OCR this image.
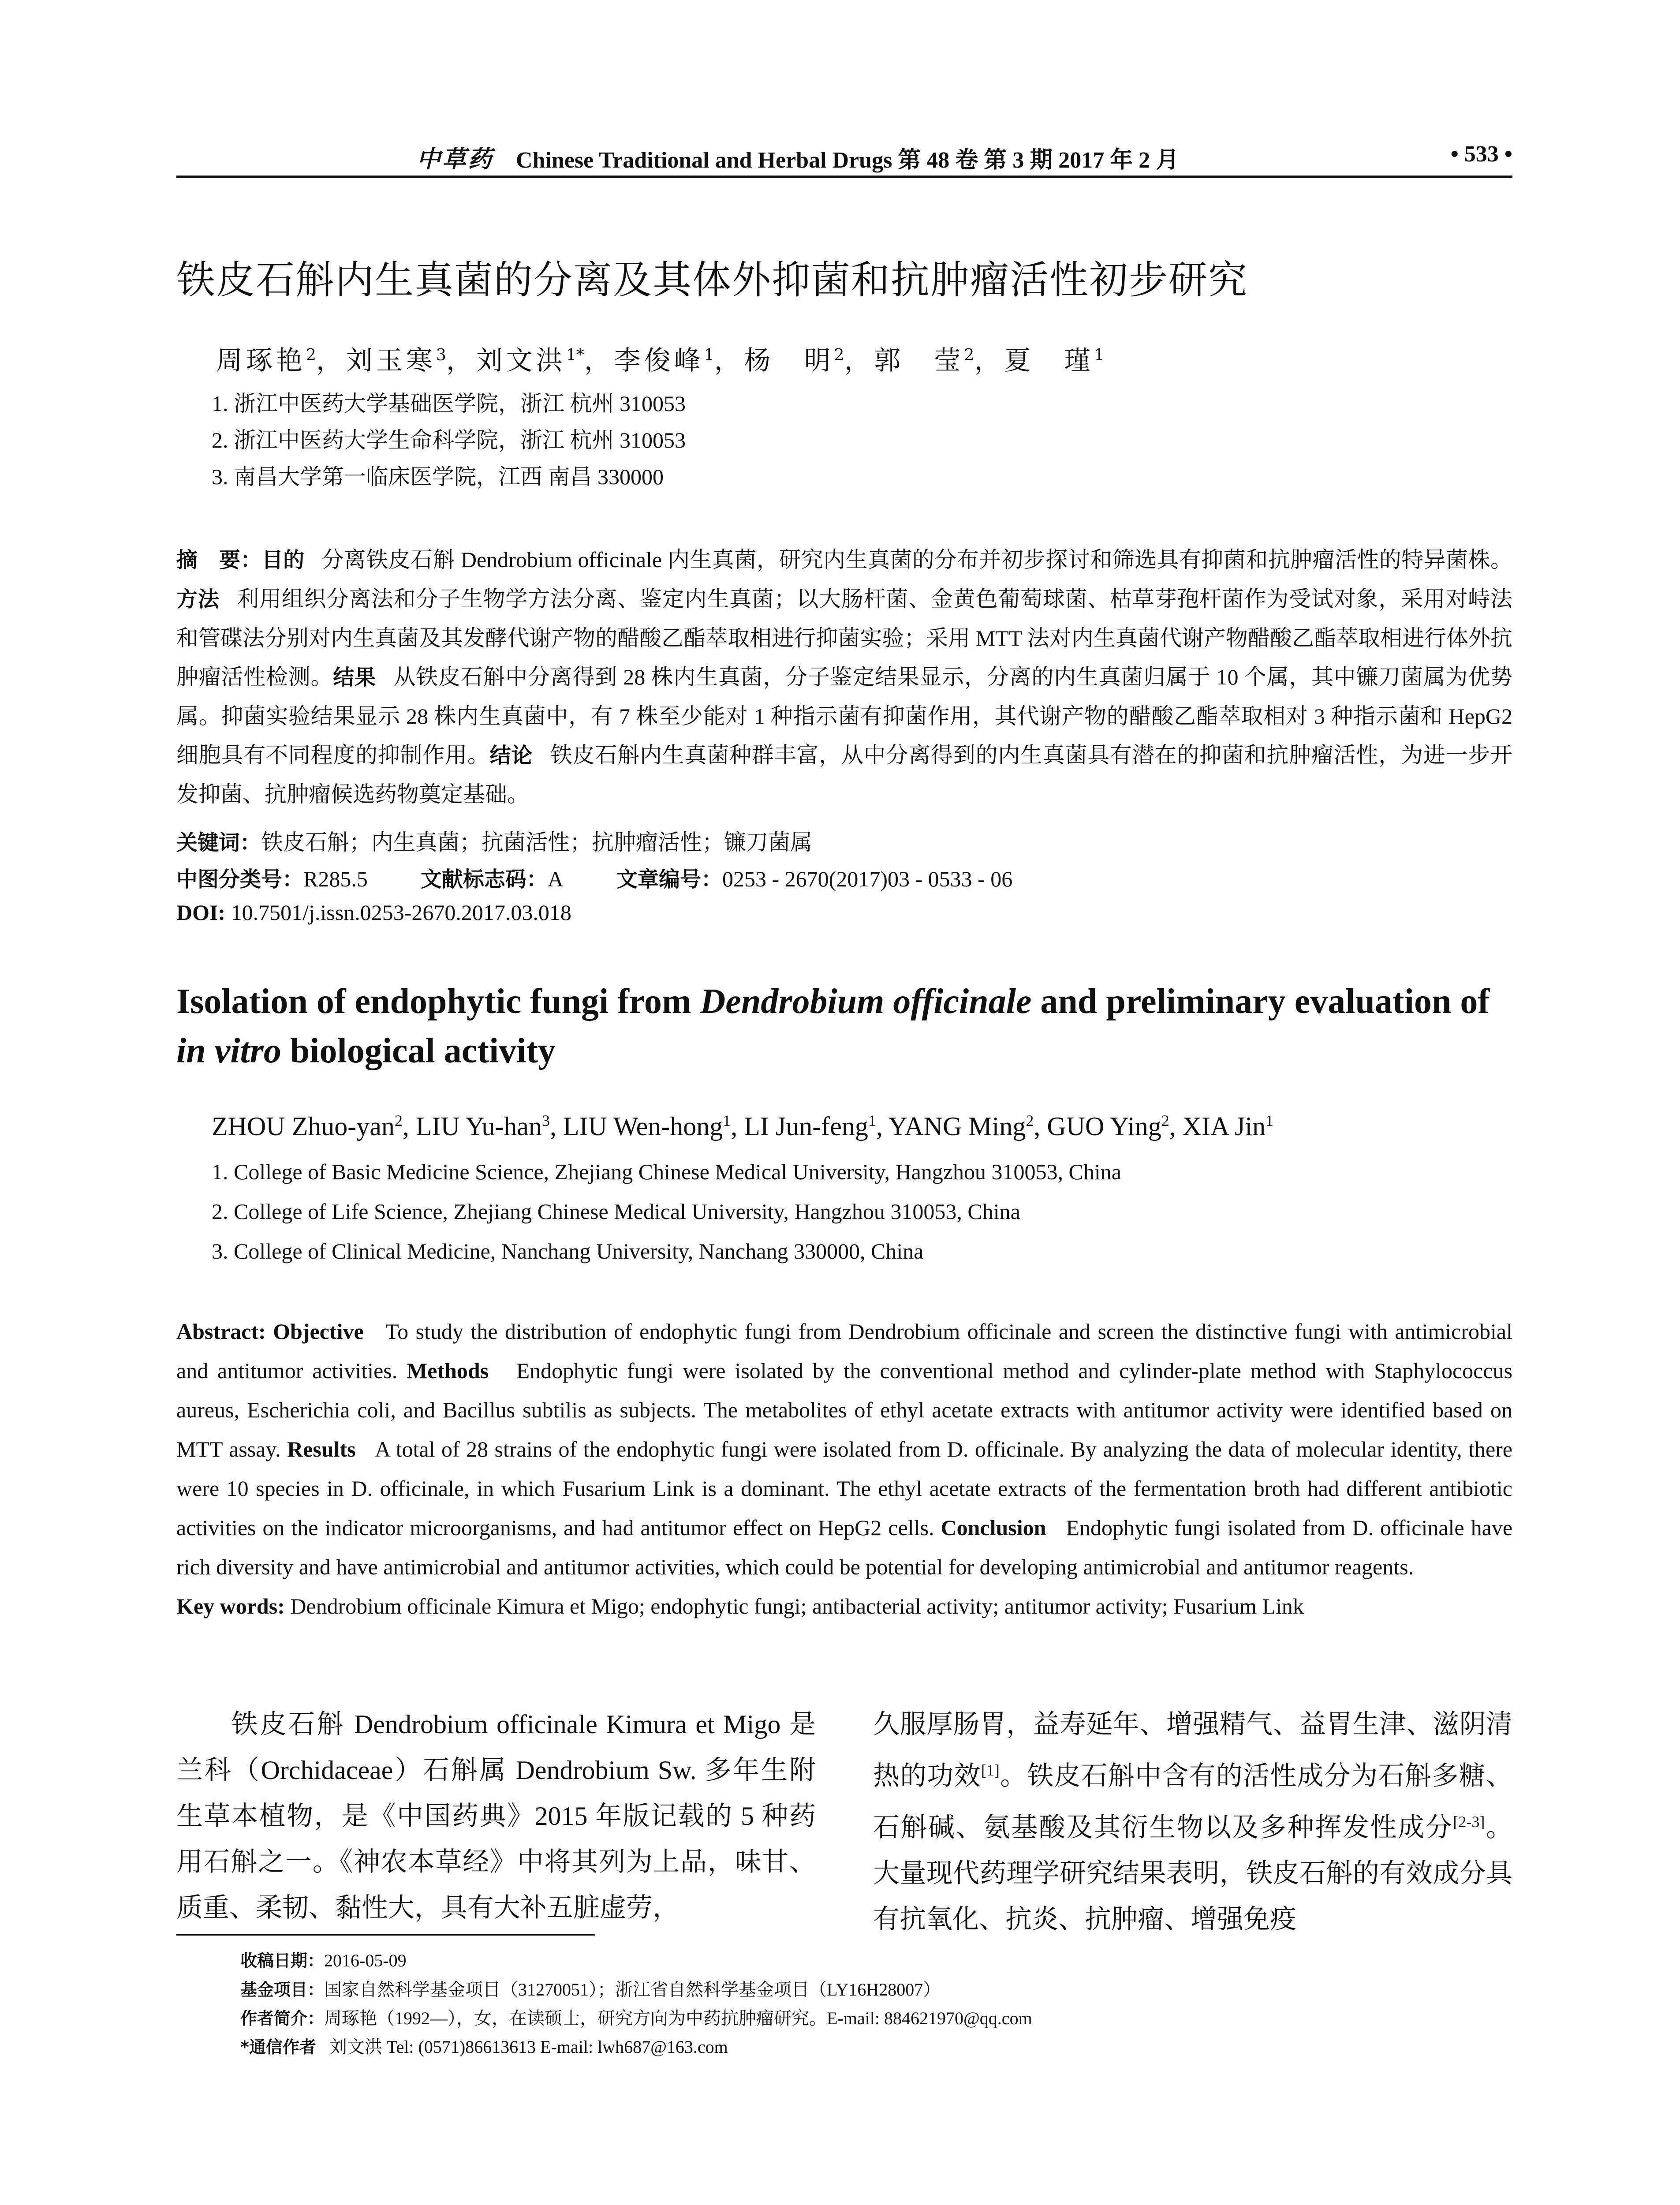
中草药 Chinese Traditional and Herbal Drugs 第 48 卷 第 3 期 2017 年 2 月	• 533 •
铁皮石斛内生真菌的分离及其体外抑菌和抗肿瘤活性初步研究
周琢艳$^2$，刘玉寒$^3$，刘文洪$^{1*}$，李俊峰$^1$，杨　明$^2$，郭　莹$^2$，夏　瑾$^1$
1. 浙江中医药大学基础医学院，浙江 杭州 310053
2. 浙江中医药大学生命科学院，浙江 杭州 310053
3. 南昌大学第一临床医学院，江西 南昌 330000
摘　要：目的 分离铁皮石斛 Dendrobium officinale 内生真菌，研究内生真菌的分布并初步探讨和筛选具有抑菌和抗肿瘤活性的特异菌株。方法 利用组织分离法和分子生物学方法分离、鉴定内生真菌；以大肠杆菌、金黄色葡萄球菌、枯草芽孢杆菌作为受试对象，采用对峙法和管碟法分别对内生真菌及其发酵代谢产物的醋酸乙酯萃取相进行抑菌实验；采用 MTT 法对内生真菌代谢产物醋酸乙酯萃取相进行体外抗肿瘤活性检测。结果 从铁皮石斛中分离得到 28 株内生真菌，分子鉴定结果显示，分离的内生真菌归属于 10 个属，其中镰刀菌属为优势属。抑菌实验结果显示 28 株内生真菌中，有 7 株至少能对 1 种指示菌有抑菌作用，其代谢产物的醋酸乙酯萃取相对 3 种指示菌和 HepG2 细胞具有不同程度的抑制作用。结论 铁皮石斛内生真菌种群丰富，从中分离得到的内生真菌具有潜在的抑菌和抗肿瘤活性，为进一步开发抑菌、抗肿瘤候选药物奠定基础。
关键词：铁皮石斛；内生真菌；抗菌活性；抗肿瘤活性；镰刀菌属
中图分类号：R285.5	文献标志码：A	文章编号：0253 - 2670(2017)03 - 0533 - 06
DOI: 10.7501/j.issn.0253-2670.2017.03.018
Isolation of endophytic fungi from Dendrobium officinale and preliminary evaluation of in vitro biological activity
ZHOU Zhuo-yan$^2$, LIU Yu-han$^3$, LIU Wen-hong$^1$, LI Jun-feng$^1$, YANG Ming$^2$, GUO Ying$^2$, XIA Jin$^1$
1. College of Basic Medicine Science, Zhejiang Chinese Medical University, Hangzhou 310053, China
2. College of Life Science, Zhejiang Chinese Medical University, Hangzhou 310053, China
3. College of Clinical Medicine, Nanchang University, Nanchang 330000, China
Abstract: Objective To study the distribution of endophytic fungi from Dendrobium officinale and screen the distinctive fungi with antimicrobial and antitumor activities. Methods Endophytic fungi were isolated by the conventional method and cylinder-plate method with Staphylococcus aureus, Escherichia coli, and Bacillus subtilis as subjects. The metabolites of ethyl acetate extracts with antitumor activity were identified based on MTT assay. Results A total of 28 strains of the endophytic fungi were isolated from D. officinale. By analyzing the data of molecular identity, there were 10 species in D. officinale, in which Fusarium Link is a dominant. The ethyl acetate extracts of the fermentation broth had different antibiotic activities on the indicator microorganisms, and had antitumor effect on HepG2 cells. Conclusion Endophytic fungi isolated from D. officinale have rich diversity and have antimicrobial and antitumor activities, which could be potential for developing antimicrobial and antitumor reagents.
Key words: Dendrobium officinale Kimura et Migo; endophytic fungi; antibacterial activity; antitumor activity; Fusarium Link
铁皮石斛 Dendrobium officinale Kimura et Migo 是兰科（Orchidaceae）石斛属 Dendrobium Sw. 多年生附生草本植物，是《中国药典》2015 年版记载的 5 种药用石斛之一。《神农本草经》中将其列为上品，味甘、质重、柔韧、黏性大，具有大补五脏虚劳，
久服厚肠胃，益寿延年、增强精气、益胃生津、滋阴清热的功效[1]。铁皮石斛中含有的活性成分为石斛多糖、石斛碱、氨基酸及其衍生物以及多种挥发性成分[2-3]。大量现代药理学研究结果表明，铁皮石斛的有效成分具有抗氧化、抗炎、抗肿瘤、增强免疫
收稿日期：2016-05-09
基金项目：国家自然科学基金项目（31270051）；浙江省自然科学基金项目（LY16H28007）
作者简介：周琢艳（1992—），女，在读硕士，研究方向为中药抗肿瘤研究。E-mail: 884621970@qq.com
*通信作者 刘文洪 Tel: (0571)86613613 E-mail: lwh687@163.com
